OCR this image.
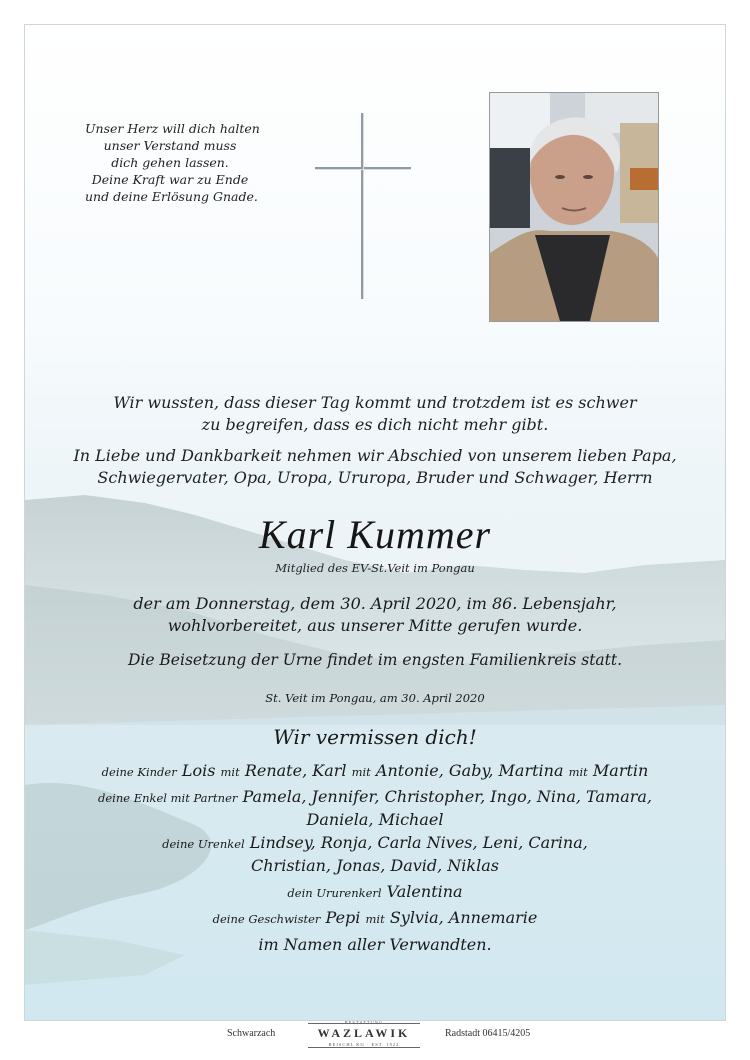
Unser Herz will dich halten
unser Verstand muss
dich gehen lassen.
Deine Kraft war zu Ende
und deine Erlösung Gnade.
Wir wussten, dass dieser Tag kommt und trotzdem ist es schwer
zu begreifen, dass es dich nicht mehr gibt.
In Liebe und Dankbarkeit nehmen wir Abschied von unserem lieben Papa,
Schwiegervater, Opa, Uropa, Ururopa, Bruder und Schwager, Herrn
Karl Kummer
Mitglied des EV-St.Veit im Pongau
der am Donnerstag, dem 30. April 2020, im 86. Lebensjahr,
wohlvorbereitet, aus unserer Mitte gerufen wurde.
Die Beisetzung der Urne findet im engsten Familienkreis statt.
St. Veit im Pongau, am 30. April 2020
Wir vermissen dich!
deine Kinder Lois mit Renate, Karl mit Antonie, Gaby, Martina mit Martin
deine Enkel mit Partner Pamela, Jennifer, Christopher, Ingo, Nina, Tamara,
Daniela, Michael
deine Urenkel Lindsey, Ronja, Carla Nives, Leni, Carina,
Christian, Jonas, David, Niklas
dein Ururenkerl Valentina
deine Geschwister Pepi mit Sylvia, Annemarie
im Namen aller Verwandten.
Schwarzach	WAZLAWIK
REISCHL KG · EST. 1922
Radstadt 06415/4205
